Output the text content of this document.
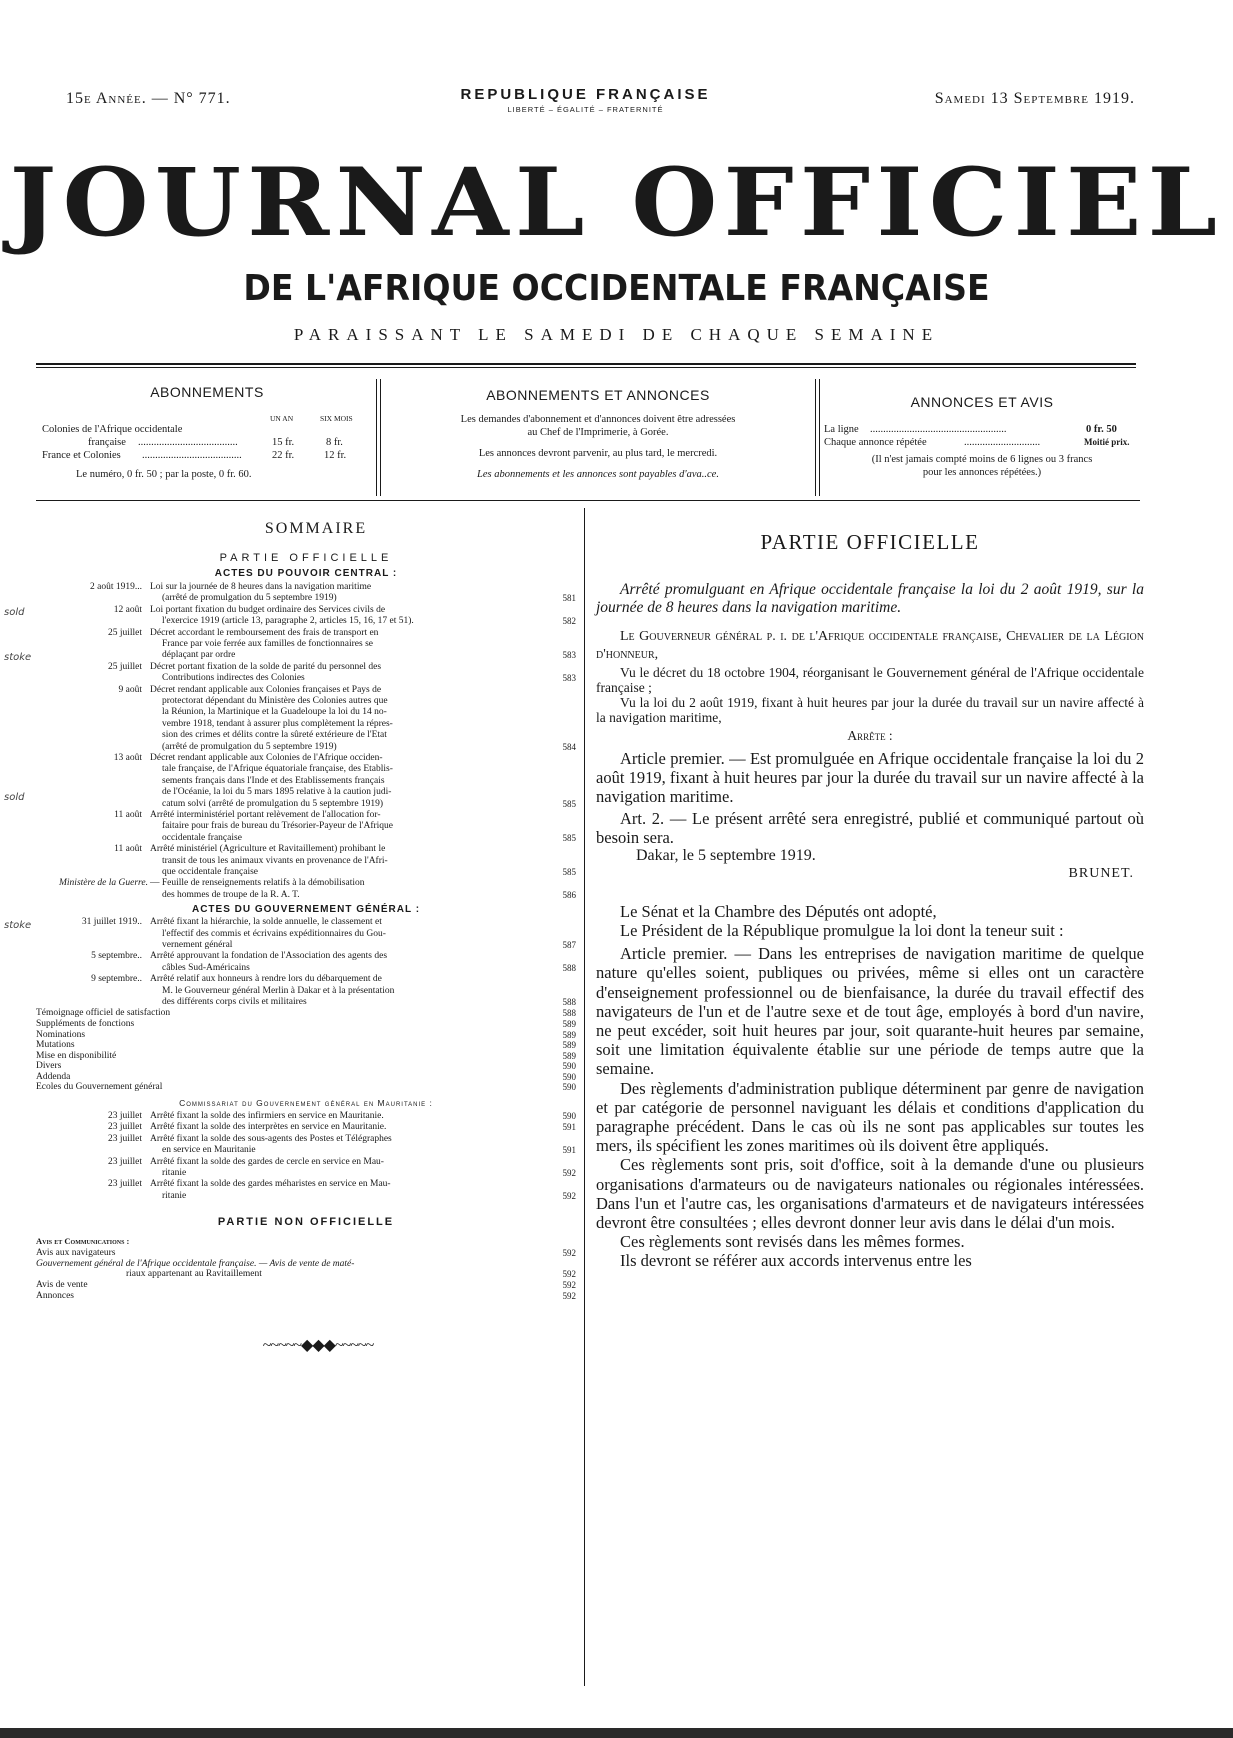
15e Année. — N° 771.	REPUBLIQUE FRANÇAISE
LIBERTÉ – ÉGALITÉ – FRATERNITÉ
Samedi 13 Septembre 1919.
JOURNAL OFFICIEL
DE L'AFRIQUE OCCIDENTALE FRANÇAISE
PARAISSANT LE SAMEDI DE CHAQUE SEMAINE
ABONNEMENTS
UN AN	SIX MOIS
Colonies de l'Afrique occidentale
française ......................................	15 fr.	8 fr.
France et Colonies ......................................	22 fr.	12 fr.
Le numéro, 0 fr. 50 ; par la poste, 0 fr. 60.
ABONNEMENTS ET ANNONCES
Les demandes d'abonnement et d'annonces doivent être adressées
au Chef de l'Imprimerie, à Gorée.
Les annonces devront parvenir, au plus tard, le mercredi.
Les abonnements et les annonces sont payables d'ava..ce.
ANNONCES ET AVIS
La ligne ....................................................	0 fr. 50
Chaque annonce répétée	.............................	Moitié prix.
(Il n'est jamais compté moins de 6 lignes ou 3 francs
pour les annonces répétées.)
SOMMAIRE
PARTIE OFFICIELLE
ACTES DU POUVOIR CENTRAL :
2 août 1919... Loi sur la journée de 8 heures dans la navigation maritime
(arrêté de promulgation du 5 septembre 1919)	581
12 août Loi portant fixation du budget ordinaire des Services civils de
l'exercice 1919 (article 13, paragraphe 2, articles 15, 16, 17 et 51).	582
25 juillet Décret accordant le remboursement des frais de transport en
France par voie ferrée aux familles de fonctionnaires se
déplaçant par ordre	583
25 juillet Décret portant fixation de la solde de parité du personnel des
Contributions indirectes des Colonies	583
9 août Décret rendant applicable aux Colonies françaises et Pays de
protectorat dépendant du Ministère des Colonies autres que
la Réunion, la Martinique et la Guadeloupe la loi du 14 no-
vembre 1918, tendant à assurer plus complètement la répres-
sion des crimes et délits contre la sûreté extérieure de l'Etat
(arrêté de promulgation du 5 septembre 1919)	584
13 août Décret rendant applicable aux Colonies de l'Afrique occiden-
tale française, de l'Afrique équatoriale française, des Etablis-
sements français dans l'Inde et des Etablissements français
de l'Océanie, la loi du 5 mars 1895 relative à la caution judi-
catum solvi (arrêté de promulgation du 5 septembre 1919)	585
11 août Arrêté interministériel portant relèvement de l'allocation for-
faitaire pour frais de bureau du Trésorier-Payeur de l'Afrique
occidentale française	585
11 août Arrêté ministériel (Agriculture et Ravitaillement) prohibant le
transit de tous les animaux vivants en provenance de l'Afri-
que occidentale française	585
Ministère de la Guerre. — Feuille de renseignements relatifs à la démobilisation
des hommes de troupe de la R. A. T.	586
ACTES DU GOUVERNEMENT GÉNÉRAL :
31 juillet 1919.. Arrêté fixant la hiérarchie, la solde annuelle, le classement et
l'effectif des commis et écrivains expéditionnaires du Gou-
vernement général	587
5 septembre.. Arrêté approuvant la fondation de l'Association des agents des
câbles Sud-Américains	588
9 septembre.. Arrêté relatif aux honneurs à rendre lors du débarquement de
M. le Gouverneur général Merlin à Dakar et à la présentation
des différents corps civils et militaires	588
Témoignage officiel de satisfaction	588
Suppléments de fonctions	589
Nominations	589
Mutations	589
Mise en disponibilité	589
Divers	590
Addenda	590
Ecoles du Gouvernement général	590
Commissariat du Gouvernement général en Mauritanie :
23 juillet Arrêté fixant la solde des infirmiers en service en Mauritanie.	590
23 juillet Arrêté fixant la solde des interprètes en service en Mauritanie.	591
23 juillet Arrêté fixant la solde des sous-agents des Postes et Télégraphes
en service en Mauritanie	591
23 juillet Arrêté fixant la solde des gardes de cercle en service en Mau-
ritanie	592
23 juillet Arrêté fixant la solde des gardes méharistes en service en Mau-
ritanie	592
PARTIE NON OFFICIELLE
Avis et Communications :
Avis aux navigateurs	592
Gouvernement général de l'Afrique occidentale française. — Avis de vente de maté-
riaux appartenant au Ravitaillement	592
Avis de vente	592
Annonces	592
~~~~~◆◆◆~~~~~
sold
stoke
sold
stoke
PARTIE OFFICIELLE

Arrêté promulguant en Afrique occidentale française la loi du 2 août 1919, sur la journée de 8 heures dans la navigation maritime.

Le Gouverneur général p. i. de l'Afrique occidentale française, Chevalier de la Légion d'honneur,

Vu le décret du 18 octobre 1904, réorganisant le Gouvernement général de l'Afrique occidentale française ;

Vu la loi du 2 août 1919, fixant à huit heures par jour la durée du travail sur un navire affecté à la navigation maritime,

Arrête :

Article premier. — Est promulguée en Afrique occidentale française la loi du 2 août 1919, fixant à huit heures par jour la durée du travail sur un navire affecté à la navigation maritime.

Art. 2. — Le présent arrêté sera enregistré, publié et communiqué partout où besoin sera.

Dakar, le 5 septembre 1919.

BRUNET.

Le Sénat et la Chambre des Députés ont adopté,

Le Président de la République promulgue la loi dont la teneur suit :

Article premier. — Dans les entreprises de navigation maritime de quelque nature qu'elles soient, publiques ou privées, même si elles ont un caractère d'enseignement professionnel ou de bienfaisance, la durée du travail effectif des navigateurs de l'un et de l'autre sexe et de tout âge, employés à bord d'un navire, ne peut excéder, soit huit heures par jour, soit quarante-huit heures par semaine, soit une limitation équivalente établie sur une période de temps autre que la semaine.

Des règlements d'administration publique déterminent par genre de navigation et par catégorie de personnel naviguant les délais et conditions d'application du paragraphe précédent. Dans le cas où ils ne sont pas applicables sur toutes les mers, ils spécifient les zones maritimes où ils doivent être appliqués.

Ces règlements sont pris, soit d'office, soit à la demande d'une ou plusieurs organisations d'armateurs ou de navigateurs nationales ou régionales intéressées. Dans l'un et l'autre cas, les organisations d'armateurs et de navigateurs intéressées devront être consultées ; elles devront donner leur avis dans le délai d'un mois.

Ces règlements sont revisés dans les mêmes formes.

Ils devront se référer aux accords intervenus entre les
